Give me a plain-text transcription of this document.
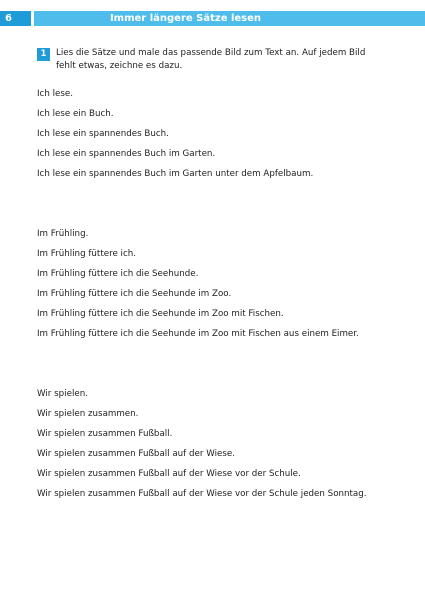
6	Immer längere Sätze lesen
1	Lies die Sätze und male das passende Bild zum Text an. Auf jedem Bild
fehlt etwas, zeichne es dazu.
Ich lese.
Ich lese ein Buch.
Ich lese ein spannendes Buch.
Ich lese ein spannendes Buch im Garten.
Ich lese ein spannendes Buch im Garten unter dem Apfelbaum.
Im Frühling.
Im Frühling füttere ich.
Im Frühling füttere ich die Seehunde.
Im Frühling füttere ich die Seehunde im Zoo.
Im Frühling füttere ich die Seehunde im Zoo mit Fischen.
Im Frühling füttere ich die Seehunde im Zoo mit Fischen aus einem Eimer.
Wir spielen.
Wir spielen zusammen.
Wir spielen zusammen Fußball.
Wir spielen zusammen Fußball auf der Wiese.
Wir spielen zusammen Fußball auf der Wiese vor der Schule.
Wir spielen zusammen Fußball auf der Wiese vor der Schule jeden Sonntag.
